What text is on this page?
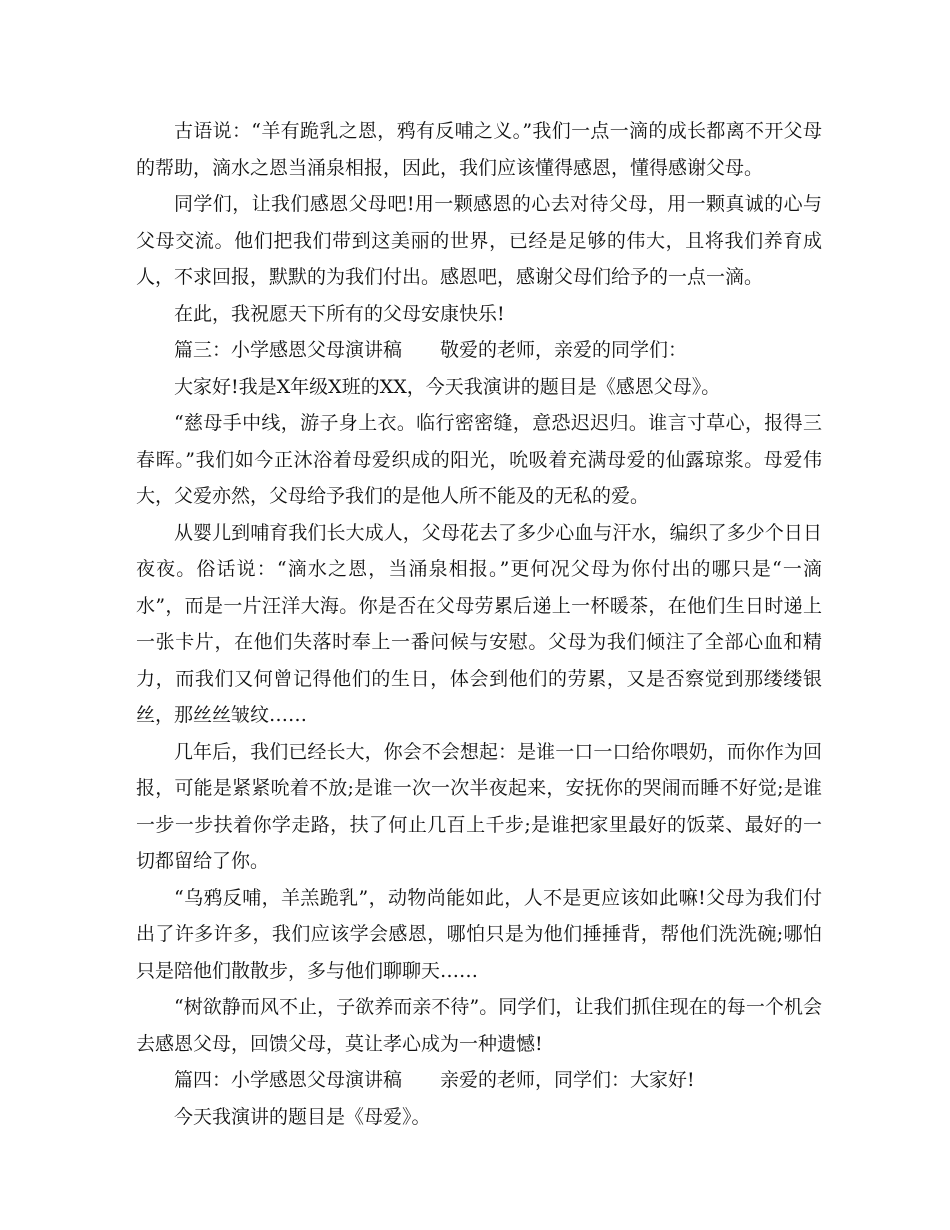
古语说：“羊有跪乳之恩，鸦有反哺之义。”我们一点一滴的成长都离不开父母的帮助，滴水之恩当涌泉相报，因此，我们应该懂得感恩，懂得感谢父母。

同学们，让我们感恩父母吧!用一颗感恩的心去对待父母，用一颗真诚的心与父母交流。他们把我们带到这美丽的世界，已经是足够的伟大，且将我们养育成人，不求回报，默默的为我们付出。感恩吧，感谢父母们给予的一点一滴。

在此，我祝愿天下所有的父母安康快乐!

篇三：小学感恩父母演讲稿 敬爱的老师，亲爱的同学们：

大家好!我是X年级X班的XX，今天我演讲的题目是《感恩父母》。

“慈母手中线，游子身上衣。临行密密缝，意恐迟迟归。谁言寸草心，报得三春晖。”我们如今正沐浴着母爱织成的阳光，吮吸着充满母爱的仙露琼浆。母爱伟大，父爱亦然，父母给予我们的是他人所不能及的无私的爱。

从婴儿到哺育我们长大成人，父母花去了多少心血与汗水，编织了多少个日日夜夜。俗话说：“滴水之恩，当涌泉相报。”更何况父母为你付出的哪只是“一滴水”，而是一片汪洋大海。你是否在父母劳累后递上一杯暖茶，在他们生日时递上一张卡片，在他们失落时奉上一番问候与安慰。父母为我们倾注了全部心血和精力，而我们又何曾记得他们的生日，体会到他们的劳累，又是否察觉到那缕缕银丝，那丝丝皱纹……

几年后，我们已经长大，你会不会想起：是谁一口一口给你喂奶，而你作为回报，可能是紧紧吮着不放;是谁一次一次半夜起来，安抚你的哭闹而睡不好觉;是谁一步一步扶着你学走路，扶了何止几百上千步;是谁把家里最好的饭菜、最好的一切都留给了你。

“乌鸦反哺，羊羔跪乳”，动物尚能如此，人不是更应该如此嘛!父母为我们付出了许多许多，我们应该学会感恩，哪怕只是为他们捶捶背，帮他们洗洗碗;哪怕只是陪他们散散步，多与他们聊聊天……

“树欲静而风不止，子欲养而亲不待”。同学们，让我们抓住现在的每一个机会去感恩父母，回馈父母，莫让孝心成为一种遗憾!

篇四：小学感恩父母演讲稿 亲爱的老师，同学们：大家好!

今天我演讲的题目是《母爱》。
